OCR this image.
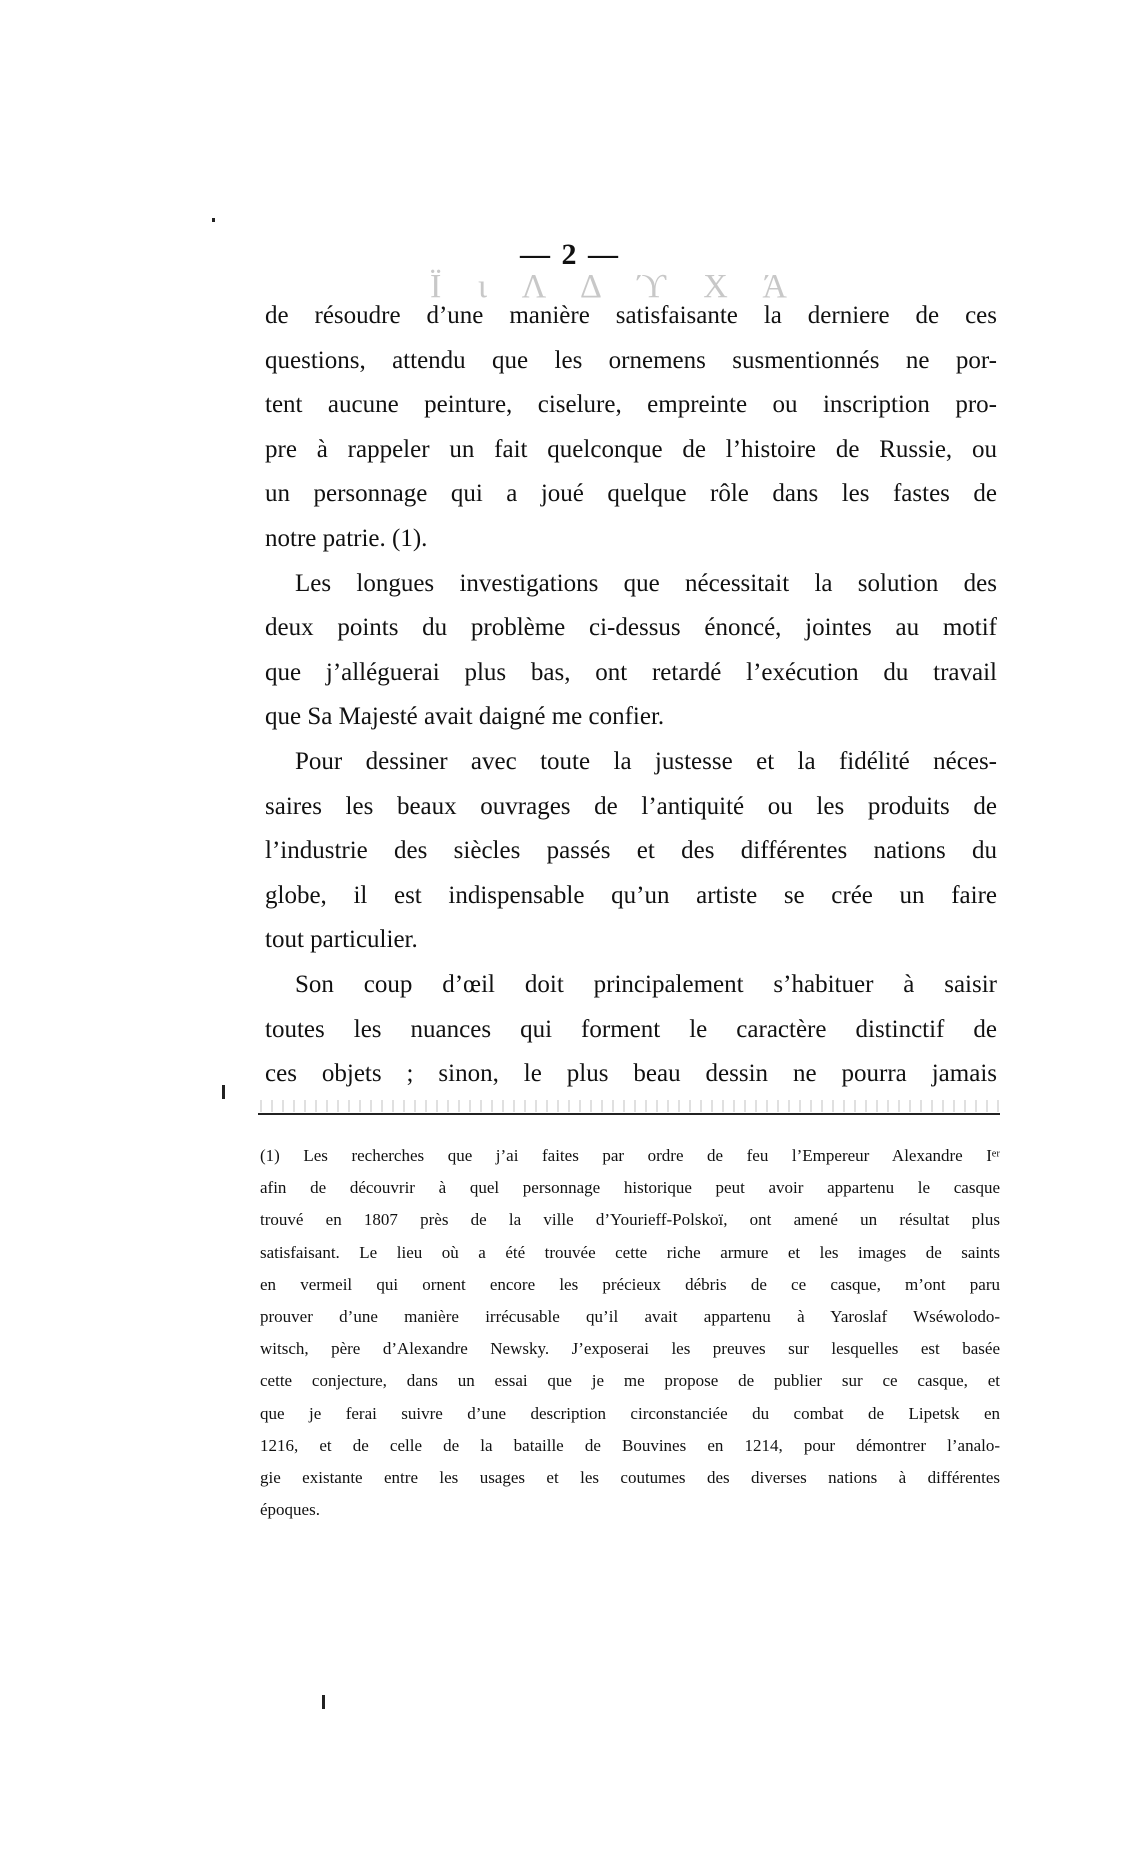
— 2 —
Ϊ ι Λ Δ ϓ Χ Ά
de résoudre d’une manière satisfaisante la derniere de ces
questions, attendu que les ornemens susmentionnés ne por-
tent aucune peinture, ciselure, empreinte ou inscription pro-
pre à rappeler un fait quelconque de l’histoire de Russie, ou
un personnage qui a joué quelque rôle dans les fastes de
notre patrie. (1).
Les longues investigations que nécessitait la solution des
deux points du problème ci-dessus énoncé, jointes au motif
que j’alléguerai plus bas, ont retardé l’exécution du travail
que Sa Majesté avait daigné me confier.
Pour dessiner avec toute la justesse et la fidélité néces-
saires les beaux ouvrages de l’antiquité ou les produits de
l’industrie des siècles passés et des différentes nations du
globe, il est indispensable qu’un artiste se crée un faire
tout particulier.
Son coup d’œil doit principalement s’habituer à saisir
toutes les nuances qui forment le caractère distinctif de
ces objets ; sinon, le plus beau dessin ne pourra jamais
(1) Les recherches que j’ai faites par ordre de feu l’Empereur Alexandre Iᵉʳ
afin de découvrir à quel personnage historique peut avoir appartenu le casque
trouvé en 1807 près de la ville d’Yourieff-Polskoï, ont amené un résultat plus
satisfaisant. Le lieu où a été trouvée cette riche armure et les images de saints
en vermeil qui ornent encore les précieux débris de ce casque, m’ont paru
prouver d’une manière irrécusable qu’il avait appartenu à Yaroslaf Wséwolodo-
witsch, père d’Alexandre Newsky. J’exposerai les preuves sur lesquelles est basée
cette conjecture, dans un essai que je me propose de publier sur ce casque, et
que je ferai suivre d’une description circonstanciée du combat de Lipetsk en
1216, et de celle de la bataille de Bouvines en 1214, pour démontrer l’analo-
gie existante entre les usages et les coutumes des diverses nations à différentes
époques.
